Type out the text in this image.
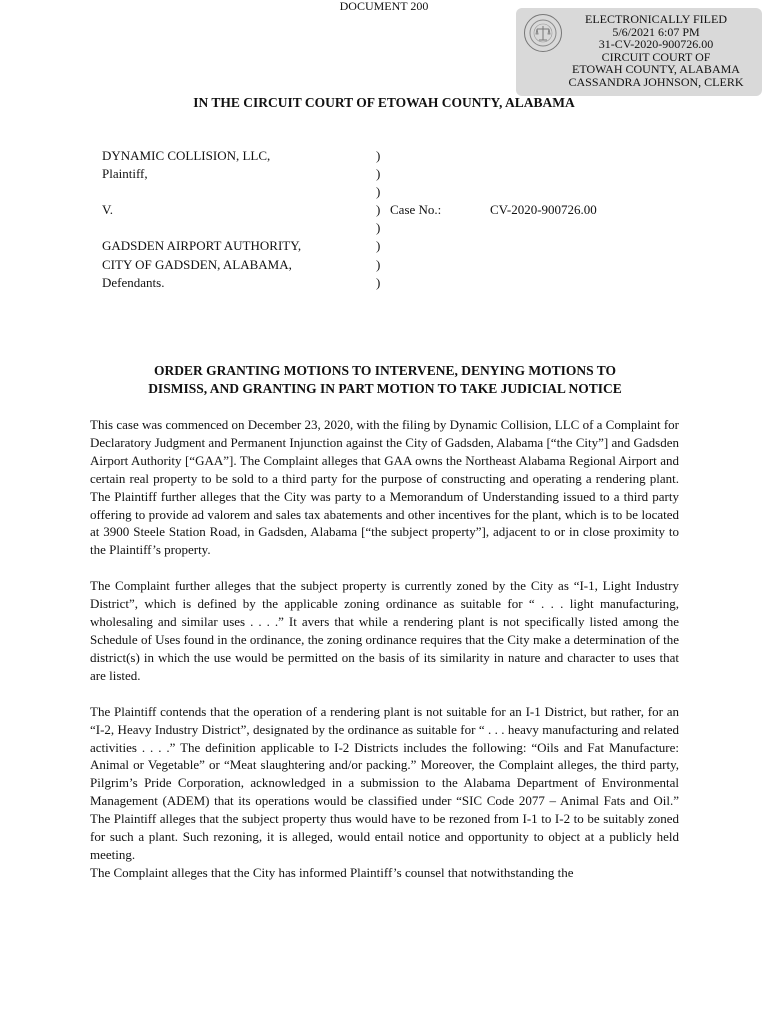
DOCUMENT 200
ELECTRONICALLY FILED
5/6/2021 6:07 PM
31-CV-2020-900726.00
CIRCUIT COURT OF
ETOWAH COUNTY, ALABAMA
CASSANDRA JOHNSON, CLERK
IN THE CIRCUIT COURT OF ETOWAH COUNTY, ALABAMA
DYNAMIC COLLISION, LLC,	)
Plaintiff,	)
)
V.	) Case No.:	CV-2020-900726.00
)
GADSDEN AIRPORT AUTHORITY,	)
CITY OF GADSDEN, ALABAMA,	)
Defendants.	)
ORDER GRANTING MOTIONS TO INTERVENE, DENYING MOTIONS TO
DISMISS, AND GRANTING IN PART MOTION TO TAKE JUDICIAL NOTICE

This case was commenced on December 23, 2020, with the filing by Dynamic Collision, LLC of a Complaint for Declaratory Judgment and Permanent Injunction against the City of Gadsden, Alabama [“the City”] and Gadsden Airport Authority [“GAA”]. The Complaint alleges that GAA owns the Northeast Alabama Regional Airport and certain real property to be sold to a third party for the purpose of constructing and operating a rendering plant. The Plaintiff further alleges that the City was party to a Memorandum of Understanding issued to a third party offering to provide ad valorem and sales tax abatements and other incentives for the plant, which is to be located at 3900 Steele Station Road, in Gadsden, Alabama [“the subject property”], adjacent to or in close proximity to the Plaintiff’s property.

The Complaint further alleges that the subject property is currently zoned by the City as “I-1, Light Industry District”, which is defined by the applicable zoning ordinance as suitable for “ . . . light manufacturing, wholesaling and similar uses . . . .” It avers that while a rendering plant is not specifically listed among the Schedule of Uses found in the ordinance, the zoning ordinance requires that the City make a determination of the district(s) in which the use would be permitted on the basis of its similarity in nature and character to uses that are listed.

The Plaintiff contends that the operation of a rendering plant is not suitable for an I-1 District, but rather, for an “I-2, Heavy Industry District”, designated by the ordinance as suitable for “ . . . heavy manufacturing and related activities . . . .” The definition applicable to I-2 Districts includes the following: “Oils and Fat Manufacture: Animal or Vegetable” or “Meat slaughtering and/or packing.” Moreover, the Complaint alleges, the third party, Pilgrim’s Pride Corporation, acknowledged in a submission to the Alabama Department of Environmental Management (ADEM) that its operations would be classified under “SIC Code 2077 – Animal Fats and Oil.” The Plaintiff alleges that the subject property thus would have to be rezoned from I-1 to I-2 to be suitably zoned for such a plant. Such rezoning, it is alleged, would entail notice and opportunity to object at a publicly held meeting.

The Complaint alleges that the City has informed Plaintiff’s counsel that notwithstanding the
